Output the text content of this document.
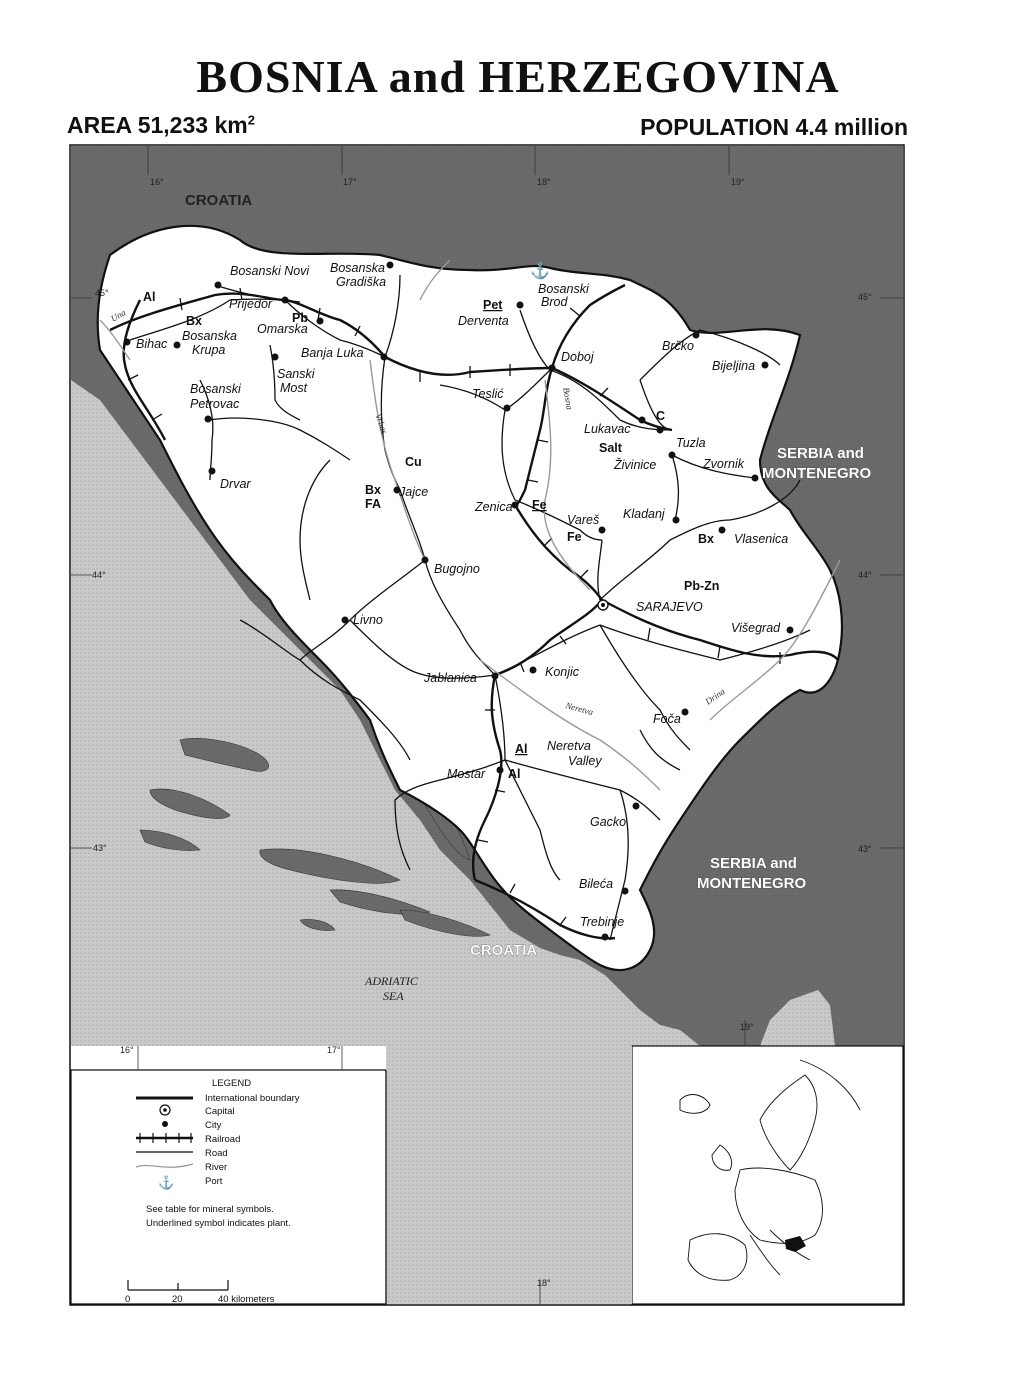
BOSNIA and HERZEGOVINA
AREA 51,233 $km^2$	POPULATION 4.4 million
16°	17°	18°	19°
16°	17°
18°
19°
45°	45°
44°	44°
43°	43°
Una
Vrbas
Bosna
Neretva
Drina
CROATIA
CROATIA
SERBIA and
MONTENEGRO
SERBIA and
MONTENEGRO
ADRIATIC
SEA
⚓
Bosanski Novi Bosanska
Gradiška
Prijedor
Omarska
Bihac
Bosanska
Krupa	Banja Luka
Sanski
Most
Bosanski
Petrovac
Drvar
Derventa
Bosanski
Brod
Doboj
Teslić
Brčko
Bijeljina
Lukavac
Tuzla
Živinice	Zvornik
Jajce
Zenica
Vareš Kladanj
Vlasenica
Bugojno
SARAJEVO
Višegrad
Livno
Konjic
Jablanica
Foča
Mostar
Neretva
Valley
Gacko
Bileća
Trebinje
Al
Bx	Pb
Pet
C
Salt
Cu
Bx
FA	Fe
Fe	Bx
Pb-Zn
Al
Al
LEGEND
International boundary
Capital
City
Railroad
Road
River
⚓	Port
See table for mineral symbols.
Underlined symbol indicates plant.
0	20	40 kilometers
